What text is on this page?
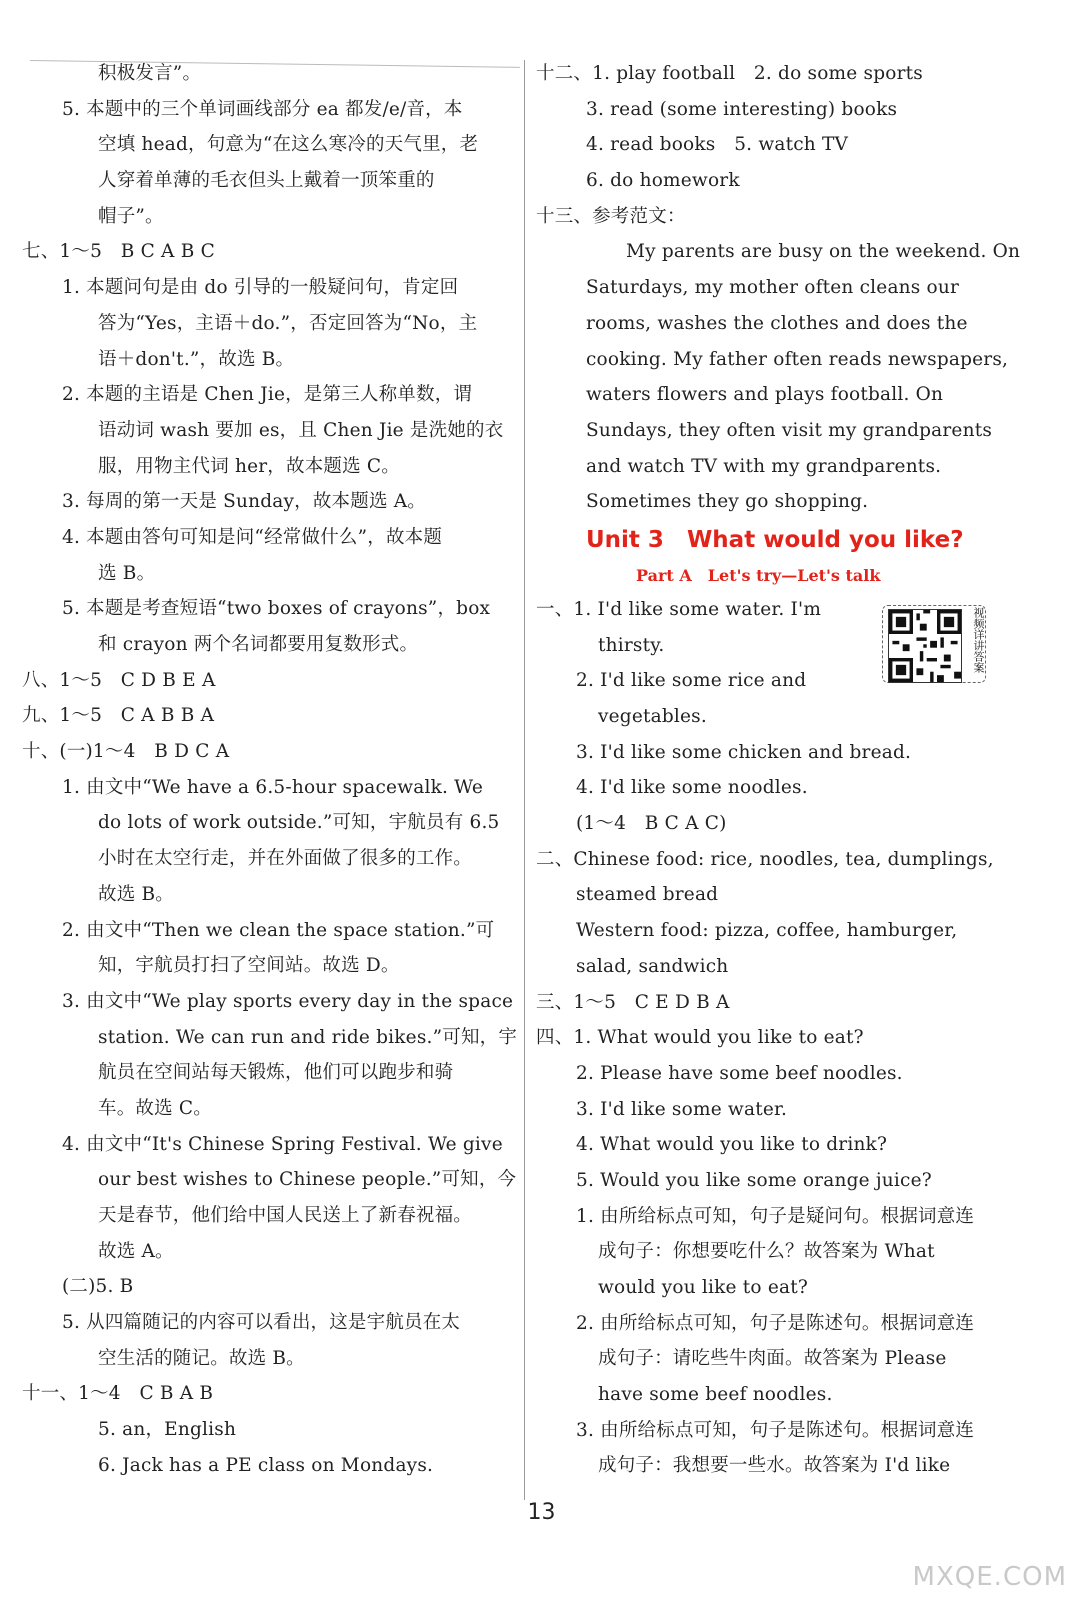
积极发言”。
5. 本题中的三个单词画线部分 ea 都发/e/音，本
空填 head，句意为“在这么寒冷的天气里，老
人穿着单薄的毛衣但头上戴着一顶笨重的
帽子”。
七、1～5　B C A B C
1. 本题问句是由 do 引导的一般疑问句，肯定回
答为“Yes，主语＋do.”，否定回答为“No，主
语＋don't.”，故选 B。
2. 本题的主语是 Chen Jie，是第三人称单数，谓
语动词 wash 要加 es，且 Chen Jie 是洗她的衣
服，用物主代词 her，故本题选 C。
3. 每周的第一天是 Sunday，故本题选 A。
4. 本题由答句可知是问“经常做什么”，故本题
选 B。
5. 本题是考查短语“two boxes of crayons”，box
和 crayon 两个名词都要用复数形式。
八、1～5　C D B E A
九、1～5　C A B B A
十、(一)1～4　B D C A
1. 由文中“We have a 6.5-hour spacewalk. We
do lots of work outside.”可知，宇航员有 6.5
小时在太空行走，并在外面做了很多的工作。
故选 B。
2. 由文中“Then we clean the space station.”可
知，宇航员打扫了空间站。故选 D。
3. 由文中“We play sports every day in the space
station. We can run and ride bikes.”可知，宇
航员在空间站每天锻炼，他们可以跑步和骑
车。故选 C。
4. 由文中“It's Chinese Spring Festival. We give
our best wishes to Chinese people.”可知，今
天是春节，他们给中国人民送上了新春祝福。
故选 A。
(二)5. B
5. 从四篇随记的内容可以看出，这是宇航员在太
空生活的随记。故选 B。
十一、1～4　C B A B
5. an，English
6. Jack has a PE class on Mondays.
十二、1. play football　2. do some sports
3. read (some interesting) books
4. read books　5. watch TV
6. do homework
十三、参考范文：
My parents are busy on the weekend. On
Saturdays, my mother often cleans our
rooms, washes the clothes and does the
cooking. My father often reads newspapers,
waters flowers and plays football. On
Sundays, they often visit my grandparents
and watch TV with my grandparents.
Sometimes they go shopping.
Unit 3　What would you like?
Part A　Let's try—Let's talk
一、1. I'd like some water. I'm
thirsty.
2. I'd like some rice and
vegetables.
3. I'd like some chicken and bread.
4. I'd like some noodles.
(1～4　B C A C)
二、Chinese food: rice, noodles, tea, dumplings,
steamed bread
Western food: pizza, coffee, hamburger,
salad, sandwich
三、1～5　C E D B A
四、1. What would you like to eat?
2. Please have some beef noodles.
3. I'd like some water.
4. What would you like to drink?
5. Would you like some orange juice?
1. 由所给标点可知，句子是疑问句。根据词意连
成句子：你想要吃什么？故答案为 What
would you like to eat?
2. 由所给标点可知，句子是陈述句。根据词意连
成句子：请吃些牛肉面。故答案为 Please
have some beef noodles.
3. 由所给标点可知，句子是陈述句。根据词意连
成句子：我想要一些水。故答案为 I'd like
视频详讲答案
13
MXQE.COM
